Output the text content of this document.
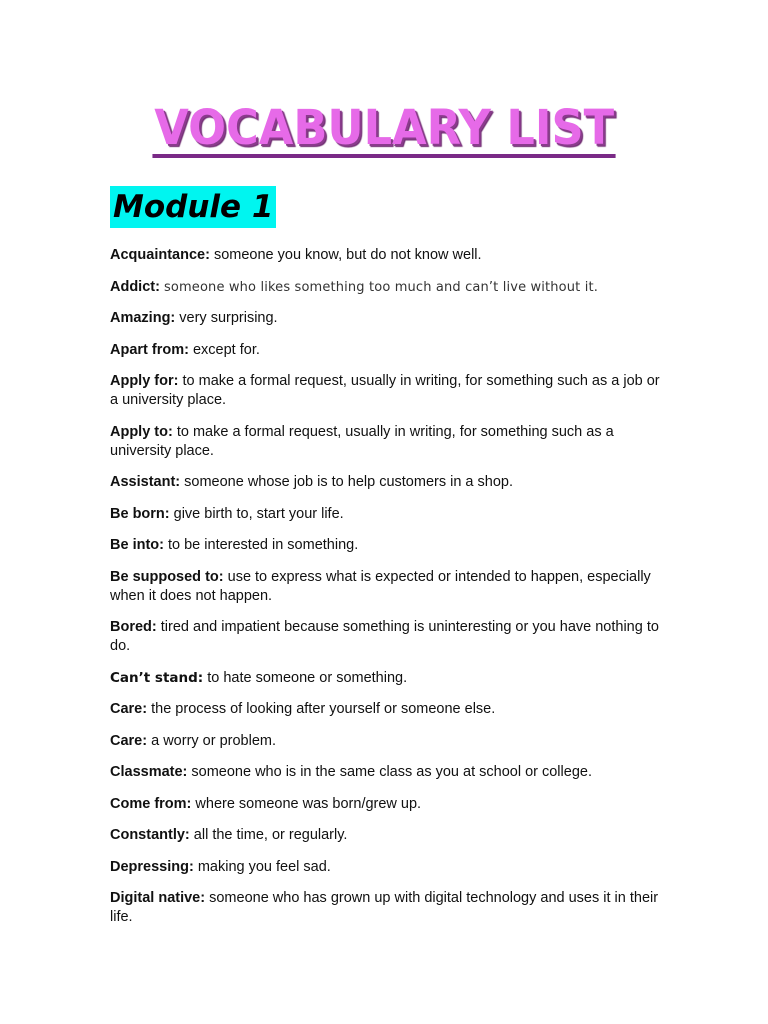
VOCABULARY LIST
Module 1
Acquaintance: someone you know, but do not know well.
Addict: someone who likes something too much and can’t live without it.
Amazing: very surprising.
Apart from: except for.
Apply for: to make a formal request, usually in writing, for something such as a job or a university place.
Apply to: to make a formal request, usually in writing, for something such as a university place.
Assistant: someone whose job is to help customers in a shop.
Be born: give birth to, start your life.
Be into: to be interested in something.
Be supposed to: use to express what is expected or intended to happen, especially when it does not happen.
Bored: tired and impatient because something is uninteresting or you have nothing to do.
Can’t stand: to hate someone or something.
Care: the process of looking after yourself or someone else.
Care: a worry or problem.
Classmate: someone who is in the same class as you at school or college.
Come from: where someone was born/grew up.
Constantly: all the time, or regularly.
Depressing: making you feel sad.
Digital native: someone who has grown up with digital technology and uses it in their life.
